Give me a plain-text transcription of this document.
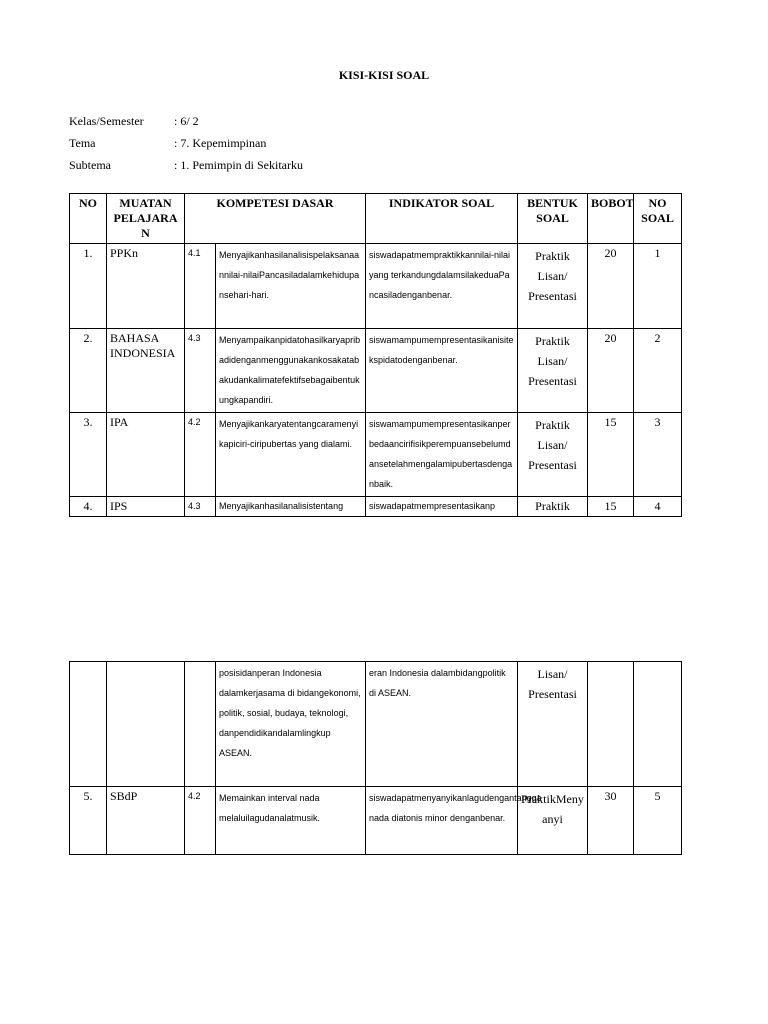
KISI-KISI SOAL
Kelas/Semester	: 6/ 2
Tema	: 7. Kepemimpinan
Subtema	: 1. Pemimpin di Sekitarku
NO	MUATAN PELAJARA N	KOMPETESI DASAR		INDIKATOR SOAL	BENTUK SOAL	BOBOT	NO SOAL
1.	PPKn	4.1	Menyajikanhasilanalisispelaksanaannilai-nilaiPancasiladalamkehidupansehari-hari.	siswadapatmempraktikkannilai-nilai yang terkandungdalamsilakeduaPancasiladenganbenar.	Praktik
Lisan/
Presentasi	20	1
2.	BAHASA INDONESIA	4.3	Menyampaikanpidatohasilkaryapribadidenganmenggunakankosakatabakudankalimatefektifsebagaibentukungkapandiri.	siswamampumempresentasikanisitekspidatodenganbenar.	Praktik
Lisan/
Presentasi	20	2
3.	IPA	4.2	Menyajikankaryatentangcaramenyikapiciri-ciripubertas yang dialami.	siswamampumempresentasikanperbedaanciriﬁsikperempuansebelumdansetelahmengalamipubertasdenganbaik.	Praktik
Lisan/
Presentasi	15	3
4.	IPS	4.3	Menyajikanhasilanalisistentang	siswadapatmempresentasikanp	Praktik	15	4
			posisidanperan Indonesia dalamkerjasama di bidangekonomi, politik, sosial, budaya, teknologi, danpendidikandalamlingkup ASEAN.	eran Indonesia dalambidangpolitik di ASEAN.	Lisan/
Presentasi		

5.	SBdP	4.2	Memainkan interval nada melaluilagudanalatmusik.	siswadapatmenyanyikanlagudengantangga nada diatonis minor denganbenar.	PraktikMenyanyi	30	5
